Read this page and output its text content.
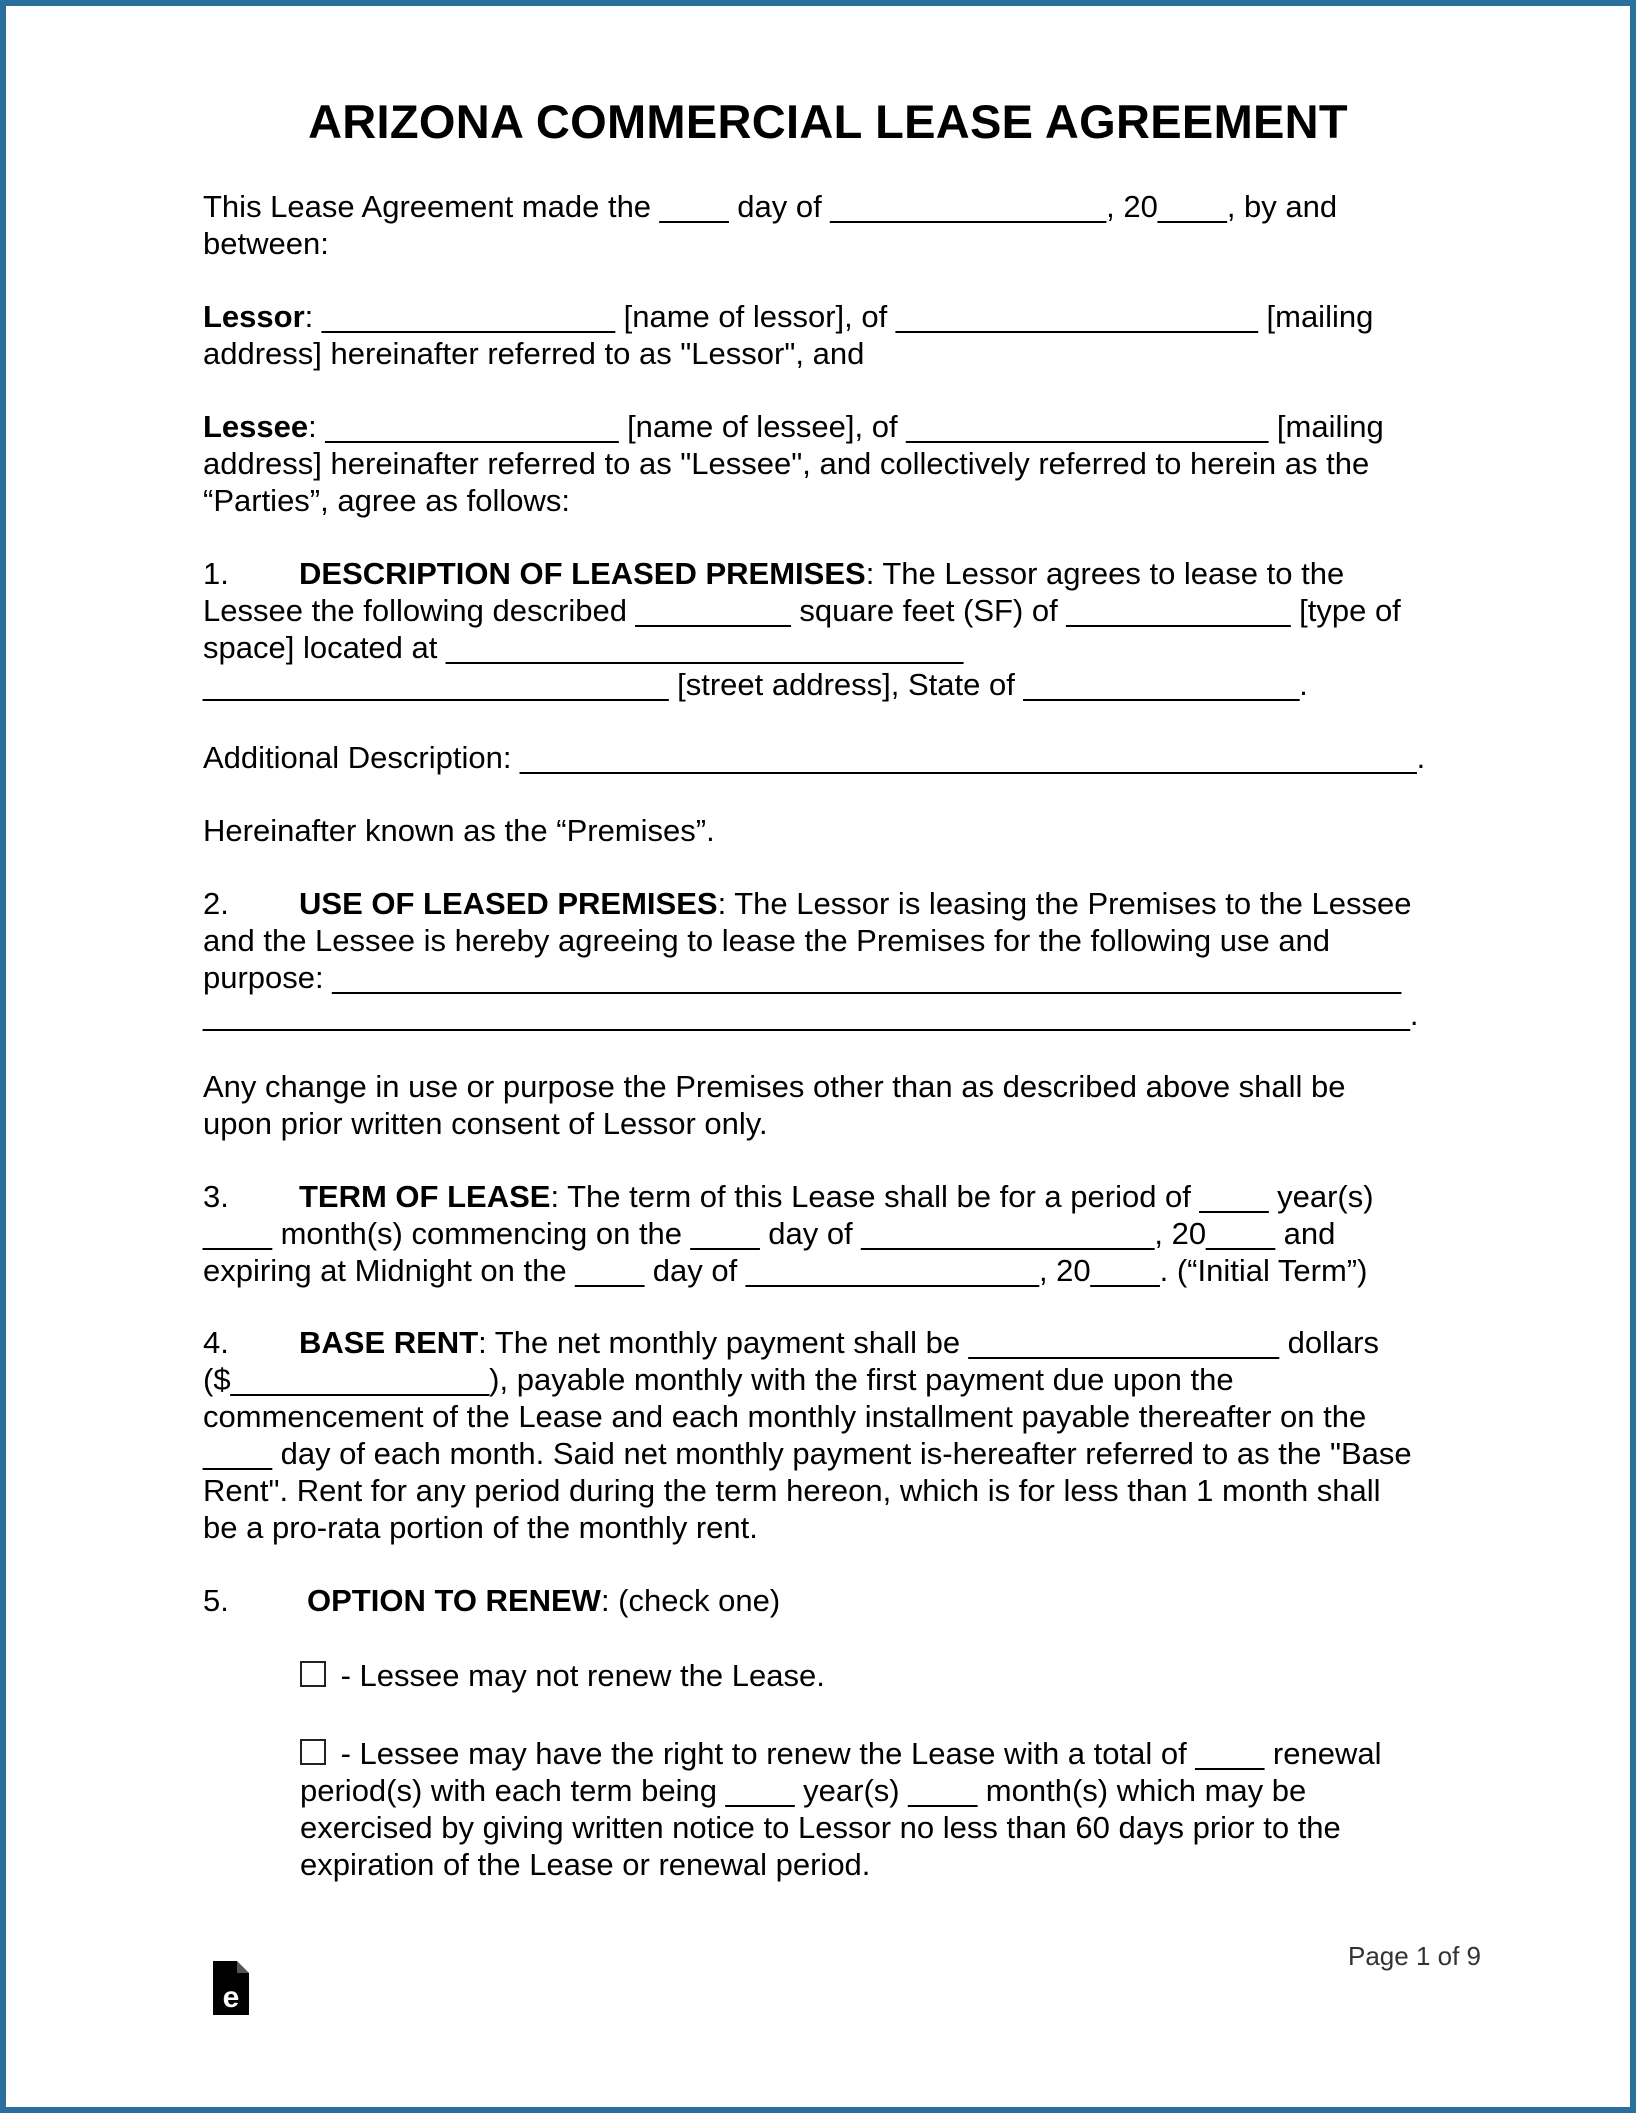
ARIZONA COMMERCIAL LEASE AGREEMENT
This Lease Agreement made the ____ day of ________________, 20____, by and
between:
Lessor: _________________ [name of lessor], of _____________________ [mailing
address] hereinafter referred to as "Lessor", and
Lessee: _________________ [name of lessee], of _____________________ [mailing
address] hereinafter referred to as "Lessee", and collectively referred to herein as the
“Parties”, agree as follows:
1. DESCRIPTION OF LEASED PREMISES: The Lessor agrees to lease to the
Lessee the following described _________ square feet (SF) of _____________ [type of
space] located at ______________________________
___________________________ [street address], State of ________________.
Additional Description: ____________________________________________________.
Hereinafter known as the “Premises”.
2. USE OF LEASED PREMISES: The Lessor is leasing the Premises to the Lessee
and the Lessee is hereby agreeing to lease the Premises for the following use and
purpose: ______________________________________________________________
______________________________________________________________________.
Any change in use or purpose the Premises other than as described above shall be
upon prior written consent of Lessor only.
3. TERM OF LEASE: The term of this Lease shall be for a period of ____ year(s)
____ month(s) commencing on the ____ day of _________________, 20____ and
expiring at Midnight on the ____ day of _________________, 20____. (“Initial Term”)
4. BASE RENT: The net monthly payment shall be __________________ dollars
($_______________), payable monthly with the first payment due upon the
commencement of the Lease and each monthly installment payable thereafter on the
____ day of each month. Said net monthly payment is-hereafter referred to as the "Base
Rent". Rent for any period during the term hereon, which is for less than 1 month shall
be a pro-rata portion of the monthly rent.
5.	OPTION TO RENEW: (check one)
- Lessee may not renew the Lease.
- Lessee may have the right to renew the Lease with a total of ____ renewal
period(s) with each term being ____ year(s) ____ month(s) which may be
exercised by giving written notice to Lessor no less than 60 days prior to the
expiration of the Lease or renewal period.
e
Page 1 of 9
